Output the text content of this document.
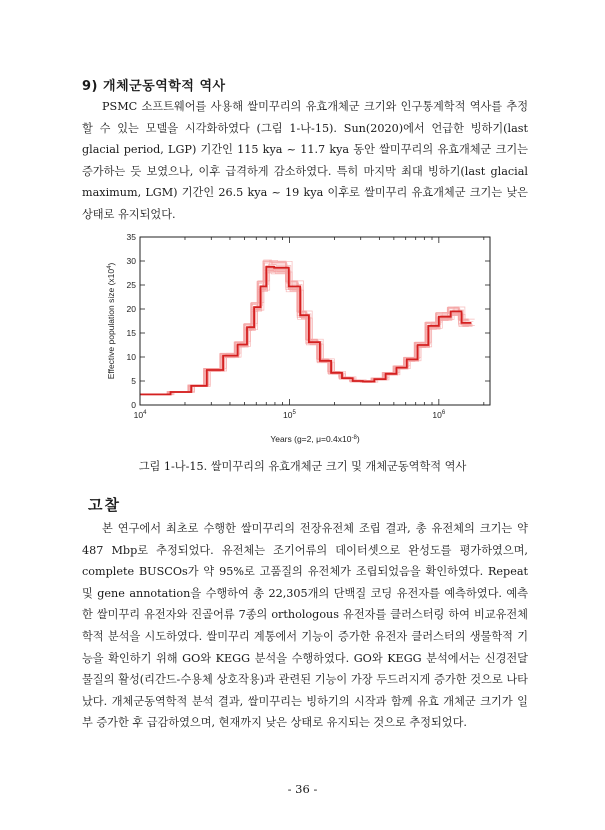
9) 개체군동역학적 역사

PSMC 소프트웨어를 사용해 쌀미꾸리의 유효개체군 크기와 인구통계학적 역사를 추정할 수 있는 모델을 시각화하였다 (그림 1-나-15). Sun(2020)에서 언급한 빙하기(last glacial period, LGP) 기간인 115 kya ~ 11.7 kya 동안 쌀미꾸리의 유효개체군 크기는 증가하는 듯 보였으나, 이후 급격하게 감소하였다. 특히 마지막 최대 빙하기(last glacial maximum, LGM) 기간인 26.5 kya ~ 19 kya 이후로 쌀미꾸리 유효개체군 크기는 낮은 상태로 유지되었다.

0
5
10
15
20
25
30
35
$10^4$	$10^5$	$10^6$
Effective population size $(x10^4)$
Years (g=2, $\mu=0.4x10^{-8}$)
그림 1-나-15. 쌀미꾸리의 유효개체군 크기 및 개체군동역학적 역사
고찰

본 연구에서 최초로 수행한 쌀미꾸리의 전장유전체 조립 결과, 총 유전체의 크기는 약 487 Mbp로 추정되었다. 유전체는 조기어류의 데이터셋으로 완성도를 평가하였으며, complete BUSCOs가 약 95%로 고품질의 유전체가 조립되었음을 확인하였다. Repeat 및 gene annotation을 수행하여 총 22,305개의 단백질 코딩 유전자를 예측하였다. 예측한 쌀미꾸리 유전자와 진골어류 7종의 orthologous 유전자를 클러스터링 하여 비교유전체학적 분석을 시도하였다. 쌀미꾸리 계통에서 기능이 증가한 유전자 클러스터의 생물학적 기능을 확인하기 위해 GO와 KEGG 분석을 수행하였다. GO와 KEGG 분석에서는 신경전달물질의 활성(리간드-수용체 상호작용)과 관련된 기능이 가장 두드러지게 증가한 것으로 나타났다. 개체군동역학적 분석 결과, 쌀미꾸리는 빙하기의 시작과 함께 유효 개체군 크기가 일부 증가한 후 급감하였으며, 현재까지 낮은 상태로 유지되는 것으로 추정되었다.

- 36 -
